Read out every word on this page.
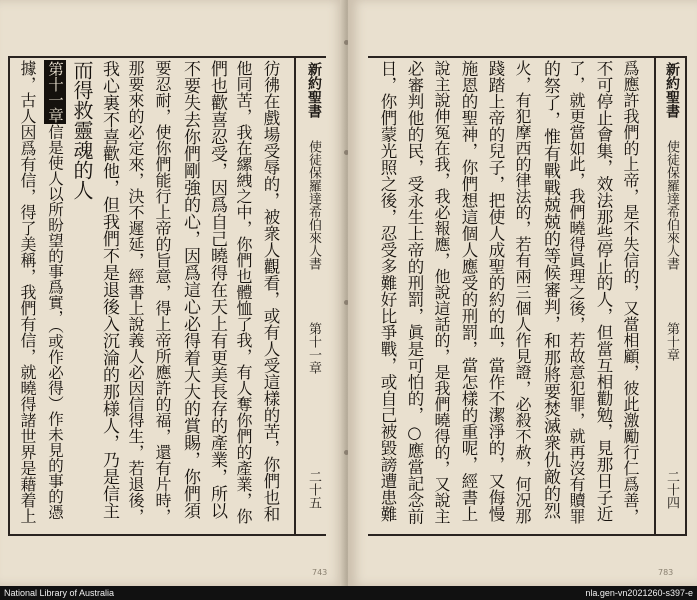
新約聖書
使徒保羅達希伯來人書
第十一章
二十五
彷彿在戲場受辱的，被衆人觀看，或有人受這樣的苦，你們也和
他同苦，我在縲絏之中，你們也體恤了我，有人奪你們的產業，你
們也歡喜忍受，因爲自己曉得在天上有更美長存的產業，所以
不要失去你們剛強的心，因爲這心必得着大大的賞賜，你們須
要忍耐，使你們能行上帝的旨意，得上帝所應許的福，還有片時，
那要來的必定來，決不遲延，經書上說義人必因信得生，若退後，
我心裏不喜歡他，但我們不是退後入沉淪的那様人，乃是信主
而得救靈魂的人
第十一章信是使人以所盼望的事爲實，（或作必得）作未見的事的憑
據，古人因爲有信，得了美稱，我們有信，就曉得諸世界是藉着上
743
新約聖書
使徒保羅達希伯來人書
第十章
二十四
爲應許我們的上帝，是不失信的，又當相顧，彼此激勵行仁爲善，
不可停止會集，效法那些停止的人，但當互相勸勉，見那日子近
了，就更當如此，我們曉得眞理之後，若故意犯罪，就再沒有贖罪
的祭了，惟有戰戰兢兢的等候審判，和那將要焚滅衆仇敵的烈
火，有犯摩西的律法的，若有兩三個人作見證，必殺不赦，何况那
踐踏上帝的兒子，把使人成聖的約的血，當作不潔淨的，又侮慢
施恩的聖神，你們想這個人應受的刑罰，當怎樣的重呢，經書上
說主說伸冤在我，我必報應，他說這話的，是我們曉得的，又說主
必審判他的民，受永生上帝的刑罰，眞是可怕的，○應當記念前
日，你們蒙光照之後，忍受多難好比爭戰，或自己被毀謗遭患難
783
National Library of Australia	nla.gen-vn2021260-s397-e
